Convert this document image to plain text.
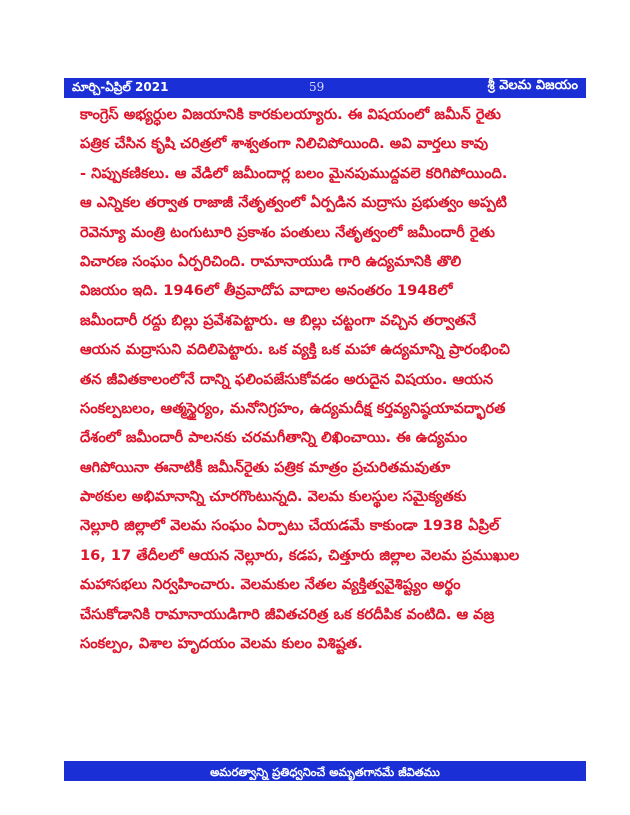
మార్చి-ఏప్రిల్ 2021	59	శ్రీ వెలమ విజయం
కాంగ్రెస్ అభ్యర్ధుల విజయానికి కారకులయ్యారు. ఈ విషయంలో జమీన్ రైతు
పత్రిక చేసిన కృషి చరిత్రలో శాశ్వతంగా నిలిచిపోయింది. అవి వార్తలు కావు
- నిప్పుకణికలు. ఆ వేడిలో జమీందార్ల బలం మైనపుముద్దవలె కరిగిపోయింది.
ఆ ఎన్నికల తర్వాత రాజాజీ నేతృత్వంలో ఏర్పడిన మద్రాసు ప్రభుత్వం అప్పటి
రెవెన్యూ మంత్రి టంగుటూరి ప్రకాశం పంతులు నేతృత్వంలో జమీందారీ రైతు
విచారణ సంఘం ఏర్పరిచింది. రామానాయుడి గారి ఉద్యమానికి తొలి
విజయం ఇది. 1946లో తీవ్రవాదోప వాదాల అనంతరం 1948లో
జమీందారీ రద్దు బిల్లు ప్రవేశపెట్టారు. ఆ బిల్లు చట్టంగా వచ్చిన తర్వాతనే
ఆయన మద్రాసుని వదిలిపెట్టారు. ఒక వ్యక్తి ఒక మహా ఉద్యమాన్ని ప్రారంభించి
తన జీవితకాలంలోనే దాన్ని ఫలింపజేసుకోవడం అరుదైన విషయం. ఆయన
సంకల్పబలం, ఆత్మస్థైర్యం, మనోనిగ్రహం, ఉద్యమదీక్ష కర్తవ్యనిష్ఠయావద్భారత
దేశంలో జమీందారీ పాలనకు చరమగీతాన్ని లిఖించాయి. ఈ ఉద్యమం
ఆగిపోయినా ఈనాటికీ జమీన్‌రైతు పత్రిక మాత్రం ప్రచురితమవుతూ
పాఠకుల అభిమానాన్ని చూరగొంటున్నది. వెలమ కులస్థుల సమైక్యతకు
నెల్లూరి జిల్లాలో వెలమ సంఘం ఏర్పాటు చేయడమే కాకుండా 1938 ఏప్రిల్
16, 17 తేదీలలో ఆయన నెల్లూరు, కడప, చిత్తూరు జిల్లాల వెలమ ప్రముఖుల
మహాసభలు నిర్వహించారు. వెలమకుల నేతల వ్యక్తిత్వవైశిష్ట్యం అర్థం
చేసుకోడానికి రామానాయుడిగారి జీవితచరిత్ర ఒక కరదీపిక వంటిది. ఆ వజ్ర
సంకల్పం, విశాల హృదయం వెలమ కులం విశిష్టత.
అమరత్వాన్ని ప్రతిధ్వనించే అమృతగానమే జీవితము
